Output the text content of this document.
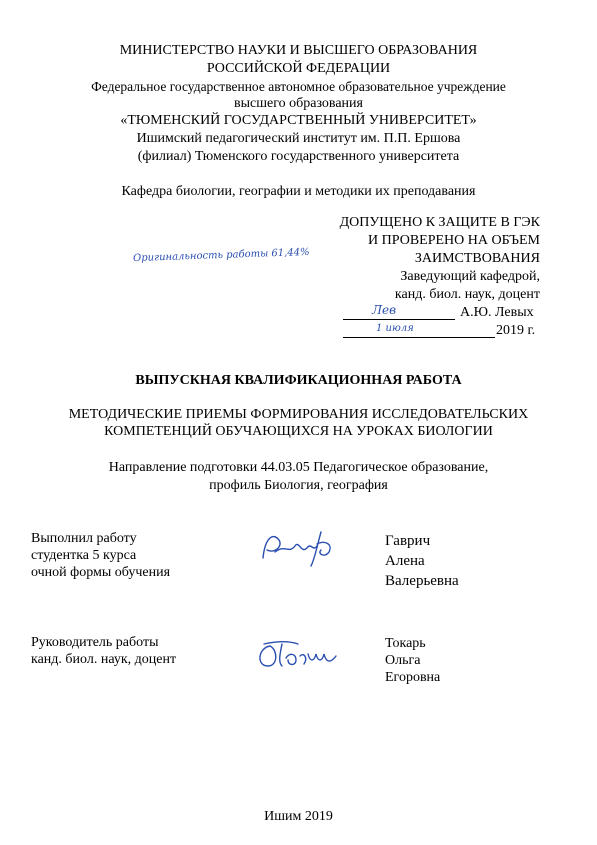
МИНИСТЕРСТВО НАУКИ И ВЫСШЕГО ОБРАЗОВАНИЯ
РОССИЙСКОЙ ФЕДЕРАЦИИ
Федеральное государственное автономное образовательное учреждение
высшего образования
«ТЮМЕНСКИЙ ГОСУДАРСТВЕННЫЙ УНИВЕРСИТЕТ»
Ишимский педагогический институт им. П.П. Ершова
(филиал) Тюменского государственного университета
Кафедра биологии, географии и методики их преподавания
ДОПУЩЕНО К ЗАЩИТЕ В ГЭК
И ПРОВЕРЕНО НА ОБЪЕМ
ЗАИМСТВОВАНИЯ
Заведующий кафедрой,
канд. биол. наук, доцент
Оригинальность работы 61,44%
Лев	А.Ю. Левых
1 июля	2019 г.
ВЫПУСКНАЯ КВАЛИФИКАЦИОННАЯ РАБОТА
МЕТОДИЧЕСКИЕ ПРИЕМЫ ФОРМИРОВАНИЯ ИССЛЕДОВАТЕЛЬСКИХ
КОМПЕТЕНЦИЙ ОБУЧАЮЩИХСЯ НА УРОКАХ БИОЛОГИИ
Направление подготовки 44.03.05 Педагогическое образование,
профиль Биология, география
Выполнил работу
студентка 5 курса
очной формы обучения
Гаврич
Алена
Валерьевна
Руководитель работы
канд. биол. наук, доцент
Токарь
Ольга
Егоровна
Ишим 2019
